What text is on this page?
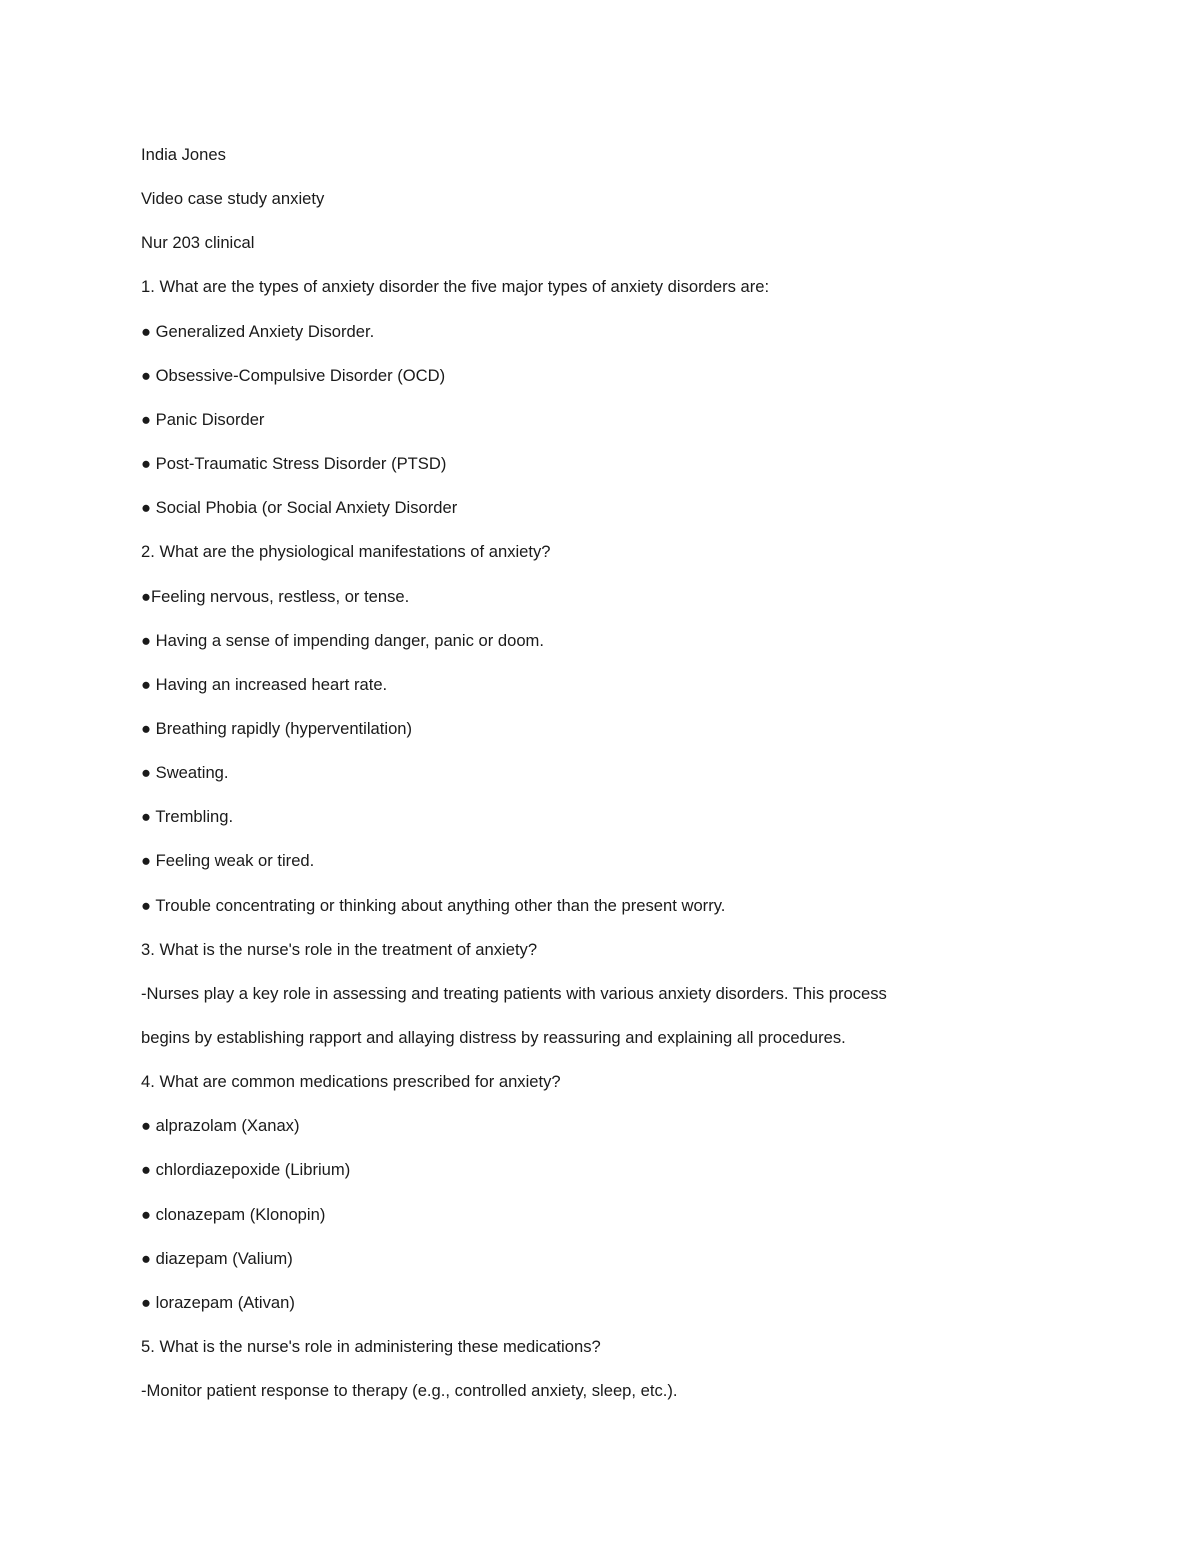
India Jones
Video case study anxiety
Nur 203 clinical
1. What are the types of anxiety disorder the five major types of anxiety disorders are:
● Generalized Anxiety Disorder.
● Obsessive-Compulsive Disorder (OCD)
● Panic Disorder
● Post-Traumatic Stress Disorder (PTSD)
● Social Phobia (or Social Anxiety Disorder
2. What are the physiological manifestations of anxiety?
●Feeling nervous, restless, or tense.
● Having a sense of impending danger, panic or doom.
● Having an increased heart rate.
● Breathing rapidly (hyperventilation)
● Sweating.
● Trembling.
● Feeling weak or tired.
● Trouble concentrating or thinking about anything other than the present worry.
3. What is the nurse's role in the treatment of anxiety?
-Nurses play a key role in assessing and treating patients with various anxiety disorders. This process
begins by establishing rapport and allaying distress by reassuring and explaining all procedures.
4. What are common medications prescribed for anxiety?
● alprazolam (Xanax)
● chlordiazepoxide (Librium)
● clonazepam (Klonopin)
● diazepam (Valium)
● lorazepam (Ativan)
5. What is the nurse's role in administering these medications?
-Monitor patient response to therapy (e.g., controlled anxiety, sleep, etc.).
